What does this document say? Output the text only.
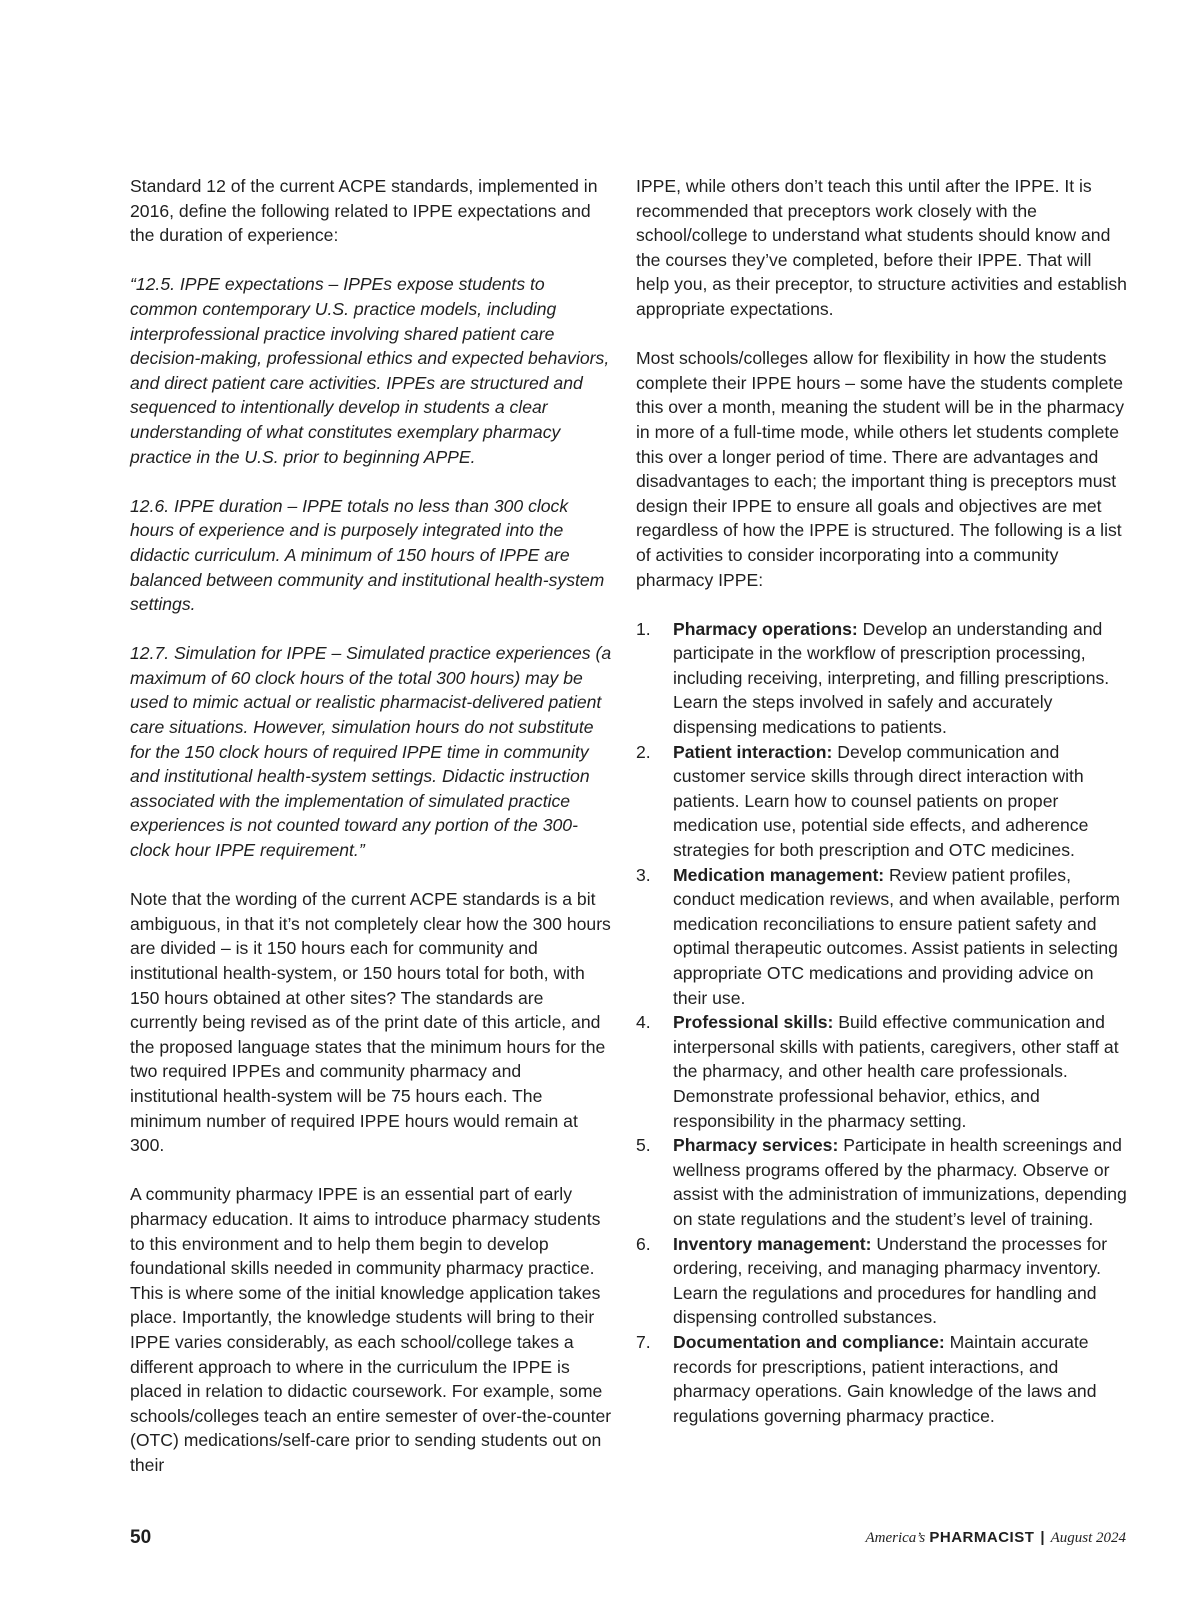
Standard 12 of the current ACPE standards, implemented in 2016, define the following related to IPPE expectations and the duration of experience:

“12.5. IPPE expectations – IPPEs expose students to common contemporary U.S. practice models, including interprofessional practice involving shared patient care decision-making, professional ethics and expected behaviors, and direct patient care activities. IPPEs are structured and sequenced to intentionally develop in students a clear understanding of what constitutes exemplary pharmacy practice in the U.S. prior to beginning APPE.

12.6. IPPE duration – IPPE totals no less than 300 clock hours of experience and is purposely integrated into the didactic curriculum. A minimum of 150 hours of IPPE are balanced between community and institutional health-system settings.

12.7. Simulation for IPPE – Simulated practice experiences (a maximum of 60 clock hours of the total 300 hours) may be used to mimic actual or realistic pharmacist-delivered patient care situations. However, simulation hours do not substitute for the 150 clock hours of required IPPE time in community and institutional health-system settings. Didactic instruction associated with the implementation of simulated practice experiences is not counted toward any portion of the 300-clock hour IPPE requirement.”

Note that the wording of the current ACPE standards is a bit ambiguous, in that it’s not completely clear how the 300 hours are divided – is it 150 hours each for community and institutional health-system, or 150 hours total for both, with 150 hours obtained at other sites? The standards are currently being revised as of the print date of this article, and the proposed language states that the minimum hours for the two required IPPEs and community pharmacy and institutional health-system will be 75 hours each. The minimum number of required IPPE hours would remain at 300.

A community pharmacy IPPE is an essential part of early pharmacy education. It aims to introduce pharmacy students to this environment and to help them begin to develop foundational skills needed in community pharmacy practice. This is where some of the initial knowledge application takes place. Importantly, the knowledge students will bring to their IPPE varies considerably, as each school/college takes a different approach to where in the curriculum the IPPE is placed in relation to didactic coursework. For example, some schools/colleges teach an entire semester of over-the-counter (OTC) medications/self-care prior to sending students out on their

IPPE, while others don’t teach this until after the IPPE. It is recommended that preceptors work closely with the school/college to understand what students should know and the courses they’ve completed, before their IPPE. That will help you, as their preceptor, to structure activities and establish appropriate expectations.

Most schools/colleges allow for flexibility in how the students complete their IPPE hours – some have the students complete this over a month, meaning the student will be in the pharmacy in more of a full-time mode, while others let students complete this over a longer period of time. There are advantages and disadvantages to each; the important thing is preceptors must design their IPPE to ensure all goals and objectives are met regardless of how the IPPE is structured. The following is a list of activities to consider incorporating into a community pharmacy IPPE:

1. Pharmacy operations: Develop an understanding and participate in the workflow of prescription processing, including receiving, interpreting, and filling prescriptions. Learn the steps involved in safely and accurately dispensing medications to patients.
2. Patient interaction: Develop communication and customer service skills through direct interaction with patients. Learn how to counsel patients on proper medication use, potential side effects, and adherence strategies for both prescription and OTC medicines.
3. Medication management: Review patient profiles, conduct medication reviews, and when available, perform medication reconciliations to ensure patient safety and optimal therapeutic outcomes. Assist patients in selecting appropriate OTC medications and providing advice on their use.
4. Professional skills: Build effective communication and interpersonal skills with patients, caregivers, other staff at the pharmacy, and other health care professionals. Demonstrate professional behavior, ethics, and responsibility in the pharmacy setting.
5. Pharmacy services: Participate in health screenings and wellness programs offered by the pharmacy. Observe or assist with the administration of immunizations, depending on state regulations and the student’s level of training.
6. Inventory management: Understand the processes for ordering, receiving, and managing pharmacy inventory. Learn the regulations and procedures for handling and dispensing controlled substances.
7. Documentation and compliance: Maintain accurate records for prescriptions, patient interactions, and pharmacy operations. Gain knowledge of the laws and regulations governing pharmacy practice.
50	America’s PHARMACIST | August 2024
